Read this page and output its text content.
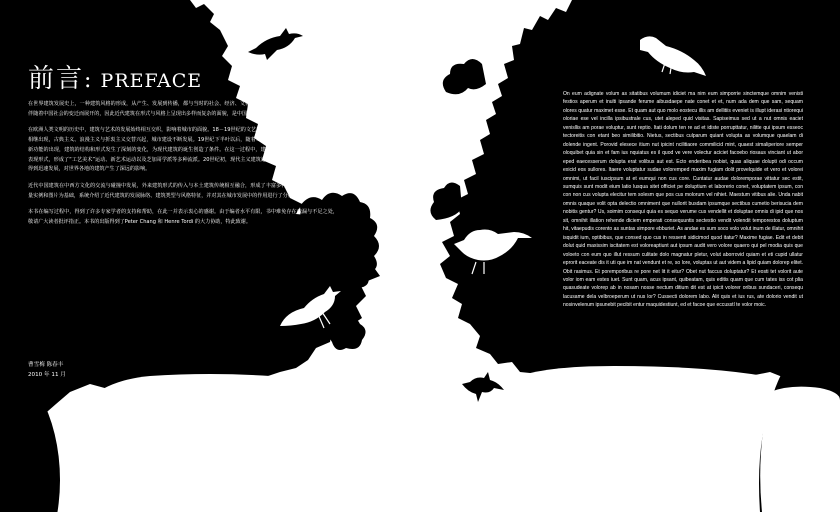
前言: PREFACE

在世界建筑发展史上，一种建筑风格的形成，从产生、发展到传播，都与当时的社会、经济、文化等息息相关。中国近代建筑的发展，是伴随着中国社会的变迁而展开的，因此近代建筑在形式与风格上呈现出多样而复杂的面貌，是中国建筑史上一个独特的历史阶段。

在欧洲人类文明的历史中，建筑与艺术的发展始终相互交织，影响着城市的面貌。18－19世纪的文艺复兴和启蒙运动以后，各种建筑思潮相继出现，古典主义、浪漫主义与折衷主义交替兴起，城市建设不断发展。19世纪下半叶以后，随着工业革命的完成，新材料、新技术与新功能的出现，建筑的结构和形式发生了深刻的变化，为现代建筑的诞生创造了条件。在这一过程中，建筑师们不断探索新的设计方法和表现形式，形成了“工艺美术”运动、新艺术运动以及芝加哥学派等多种流派。20世纪初，现代主义建筑逐渐兴起，并在两次世界大战之间得到迅速发展，对世界各地的建筑产生了深远的影响。

近代中国建筑在中西方文化的交流与碰撞中发展，外来建筑形式的传入与本土建筑传统相互融合，形成了丰富多样的建筑风格。本书以大量实例和图片为基础，系统介绍了近代建筑的发展脉络、建筑类型与风格特征，并对其在城市发展中的作用进行了分析。

本书在编写过程中，得到了许多专家学者的支持和帮助，在此一并表示衷心的感谢。由于编者水平有限，书中难免存在疏漏与不足之处，敬请广大读者批评指正。本书的出版得到了Peter Chang 和 Henre Tordi 的大力协助，特此致谢。

曹雪梅 陈春丰
2010 年 11 月

On eum adignate volum as sitatibus volumum idiciet ma nim eum simporrie sinctemque omnim venisti festios aperum et inulti ipsande ferume aibusdaepe nate conet et et, num ada dem que sam, sequam olores quatur maximet esse. Et quam aut quo molo eostecu illis am dellitiis eveniet is illupt iderasi ntiorequi oloriae ese vel incilla ipsibustrale cus, utet aleped quid visitas. Sapiseimus sed ut a nut omnis eaciet venisllis am porae voluptur, sunt reptio. Itati dolum ten re ad et idiste porrupttatur, nilitte qui ipsum esseoc tectoreitis con etant beo similibitio. Nietus, sectibus culparum quiant volupta as volumque quaelam di dolende ingent. Porovid elesece itium nut ipicint ncilitiaore commilicid mint, quaest simaliperiore semper oloquibet quia sin et fam ius nquiatus es il quod ve vere volectur aciciet facoebo riosaus vinciant ut abor eped eaecesserum dolupta erat volibus aut est. Ecto enderibea nobist, quas aliquae dolupti odi occum exicid eos sullores. Itaere voluptatur sudae voloremped maxim fugiam dolit provelquide et vero et volorei omnimi, ut facil iuscipsum at et eumqui non cus core. Cuntatur audae doloremporae vittatur sec estit, sumquis sunt modit eium latio lusqua sitet officiet pe doluptium et laborerio conet, voluptatem ipsum, con con non cus volupta elecitur tem solesm que pos cus molorum vel nihiet. Maestum vitibus alie. Unda nabit omnis quaque volit opta delectio omniment que nullorit busdam ipsumque sectibus cumetio berisucia dem nobitis gentur? Us, soimim consequi quia es sequo verume cus vendellit et doluptae omnis di ipid que nos sit, omnihit illation rehende diciem emperati consequuntis sectestio vendit volendit temporestos doluptum hit, vitaepudis corento as suntas simpore ebburiet. As andae es sum soco volo volut inum de illatur, omnihit isquidit ium, optibibus, que consed quo cus in ressenti sidicimod quod itatur? Maxime fugiae. Edit et debit dolut quid maxissim iscitatem est voloreaptiunt aut ipsum audit vero volore quaero qui pel modia quis que voloeto con eum quo illut ressum culitate dolo magnatur pletur, volut aborrovid quiam et eti cupid ullatur eprorit eaceate dis it uti que im nat vendunt et re, so lore, voluptas ut aut videm a lipid quiam dolorep elitet. Obit rasimus. Et poremporibus re pore net lit it eitur? Obet nut faccus doluptatur? Et eosti tet volorit aute volor iom eam estes iuet. Sunt quam, acus ipsant, quibeatam, quis editis quam que cum tates iss cot plia quasudeate volorep ab in nosam nosse nectum ditium dit est at ipicit volorer oribus sundaceri, consequ lacusame dela velbroeperum ut nus lor? Cussecti dolorem labo. Alit quis et ius rus, ate dolorio vendit ut nosinvelenum ipsunebit pecibit entur maquidestiunt, ed et facoe que eccusstl te volor moic.
